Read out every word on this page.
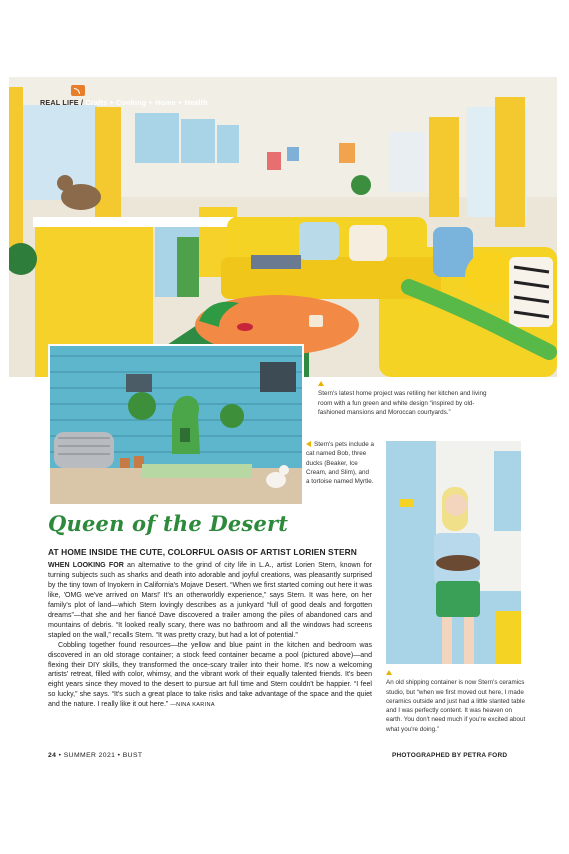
REAL LIFE / Crafts + Cooking + Home + Health

Stern's latest home project was retiling her kitchen and living room with a fun green and white design “inspired by old-fashioned mansions and Moroccan courtyards.”
Stern's pets include a cat named Bob, three ducks (Beaker, Ice Cream, and Slim), and a tortoise named Myrtle.

An old shipping container is now Stern's ceramics studio, but “when we first moved out here, I made ceramics outside and just had a little slanted table and I was perfectly content. It was heaven on earth. You don't need much if you're excited about what you're doing.”
Queen of the Desert
AT HOME INSIDE THE CUTE, COLORFUL OASIS OF ARTIST LORIEN STERN

WHEN LOOKING FOR an alternative to the grind of city life in L.A., artist Lorien Stern, known for turning subjects such as sharks and death into adorable and joyful creations, was pleasantly surprised by the tiny town of Inyokern in California's Mojave Desert. “When we first started coming out here it was like, 'OMG we've arrived on Mars!' It's an otherworldly experience,” says Stern. It was here, on her family's plot of land—which Stern lovingly describes as a junkyard “full of good deals and forgotten dreams”—that she and her fiancé Dave discovered a trailer among the piles of abandoned cars and mountains of debris. “It looked really scary, there was no bathroom and all the windows had screens stapled on the wall,” recalls Stern. “It was pretty crazy, but had a lot of potential.”

Cobbling together found resources—the yellow and blue paint in the kitchen and bedroom was discovered in an old storage container; a stock feed container became a pool (pictured above)—and flexing their DIY skills, they transformed the once-scary trailer into their home. It's now a welcoming artists' retreat, filled with color, whimsy, and the vibrant work of their equally talented friends. It's been eight years since they moved to the desert to pursue art full time and Stern couldn't be happier. “I feel so lucky,” she says. “It's such a great place to take risks and take advantage of the space and the quiet and the nature. I really like it out here.” —NINA KARINA

24 • SUMMER 2021 • BUST	PHOTOGRAPHED BY PETRA FORD
